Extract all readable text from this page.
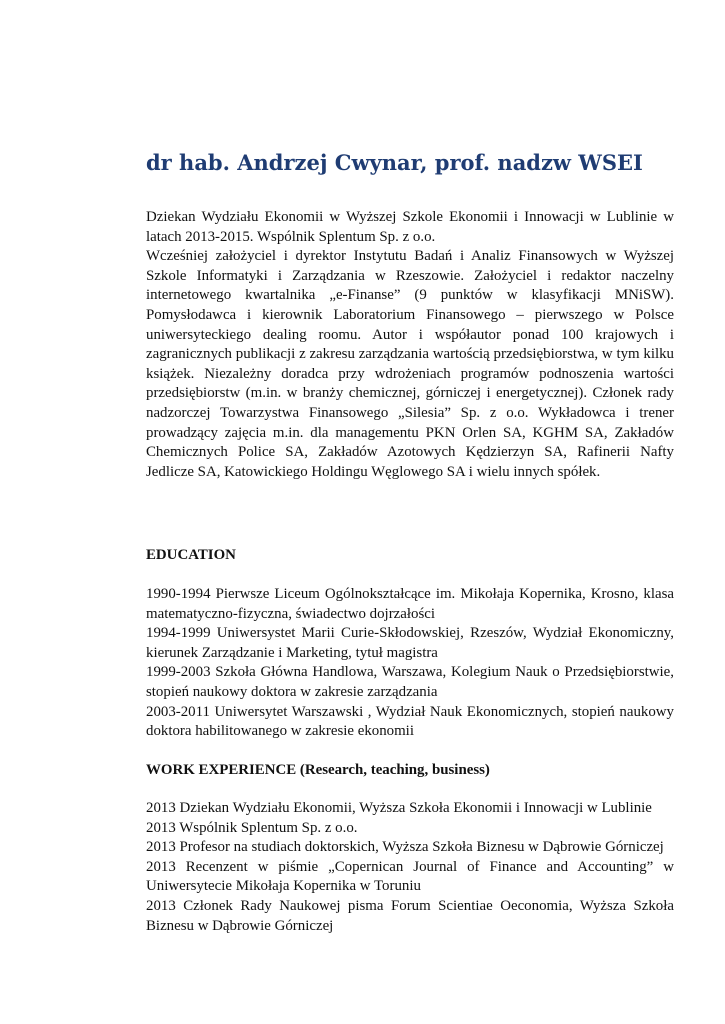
dr hab. Andrzej Cwynar, prof. nadzw WSEI

Dziekan Wydziału Ekonomii w Wyższej Szkole Ekonomii i Innowacji w Lublinie w latach 2013-2015. Wspólnik Splentum Sp. z o.o.

Wcześniej założyciel i dyrektor Instytutu Badań i Analiz Finansowych w Wyższej Szkole Informatyki i Zarządzania w Rzeszowie. Założyciel i redaktor naczelny internetowego kwartalnika „e-Finanse” (9 punktów w klasyfikacji MNiSW). Pomysłodawca i kierownik Laboratorium Finansowego – pierwszego w Polsce uniwersyteckiego dealing roomu. Autor i współautor ponad 100 krajowych i zagranicznych publikacji z zakresu zarządzania wartością przedsiębiorstwa, w tym kilku książek. Niezależny doradca przy wdrożeniach programów podnoszenia wartości przedsiębiorstw (m.in. w branży chemicznej, górniczej i energetycznej). Członek rady nadzorczej Towarzystwa Finansowego „Silesia” Sp. z o.o. Wykładowca i trener prowadzący zajęcia m.in. dla managementu PKN Orlen SA, KGHM SA, Zakładów Chemicznych Police SA, Zakładów Azotowych Kędzierzyn SA, Rafinerii Nafty Jedlicze SA, Katowickiego Holdingu Węglowego SA i wielu innych spółek.

EDUCATION

1990-1994 Pierwsze Liceum Ogólnokształcące im. Mikołaja Kopernika, Krosno, klasa matematyczno-fizyczna, świadectwo dojrzałości

1994-1999 Uniwersystet Marii Curie-Skłodowskiej, Rzeszów, Wydział Ekonomiczny, kierunek Zarządzanie i Marketing, tytuł magistra

1999-2003 Szkoła Główna Handlowa, Warszawa, Kolegium Nauk o Przedsiębiorstwie, stopień naukowy doktora w zakresie zarządzania

2003-2011 Uniwersytet Warszawski , Wydział Nauk Ekonomicznych, stopień naukowy doktora habilitowanego w zakresie ekonomii

WORK EXPERIENCE (Research, teaching, business)

2013 Dziekan Wydziału Ekonomii, Wyższa Szkoła Ekonomii i Innowacji w Lublinie

2013 Wspólnik Splentum Sp. z o.o.

2013 Profesor na studiach doktorskich, Wyższa Szkoła Biznesu w Dąbrowie Górniczej

2013 Recenzent w piśmie „Copernican Journal of Finance and Accounting” w Uniwersytecie Mikołaja Kopernika w Toruniu

2013 Członek Rady Naukowej pisma Forum Scientiae Oeconomia, Wyższa Szkoła Biznesu w Dąbrowie Górniczej
